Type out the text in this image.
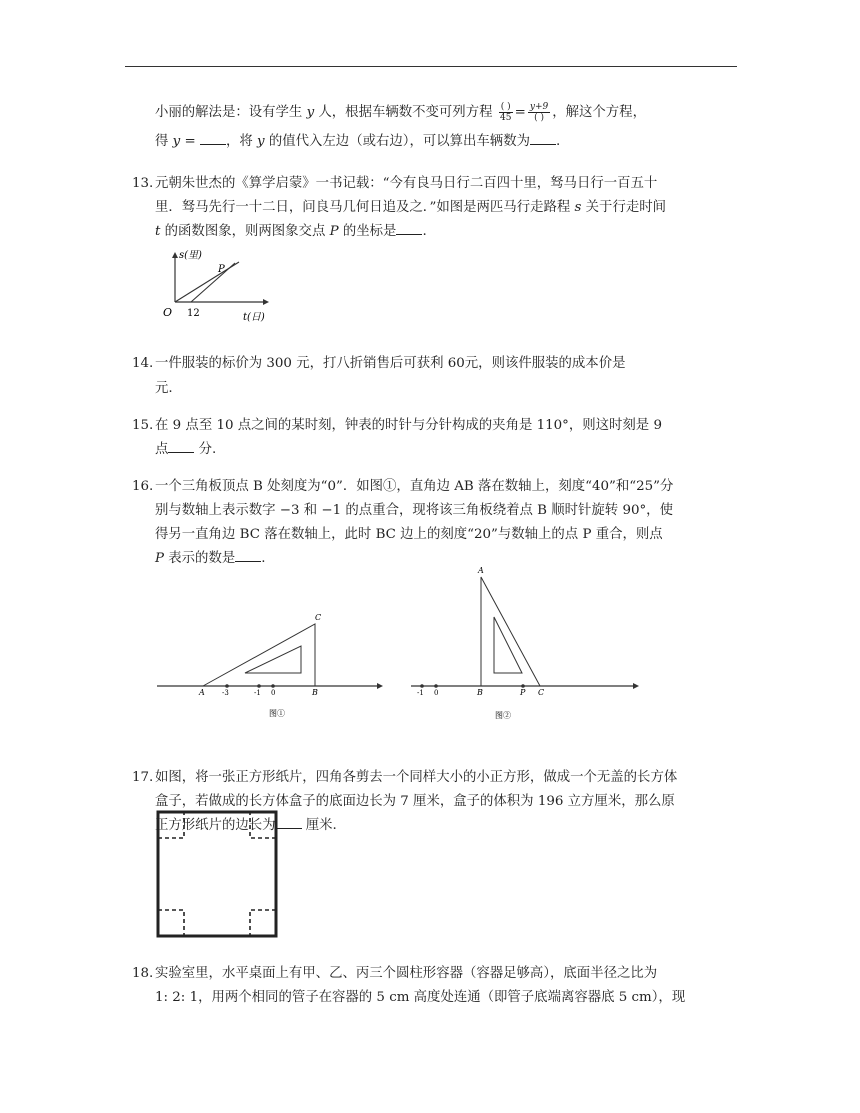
小丽的解法是：设有学生 y 人，根据车辆数不变可列方程 $\frac{( )}{45} = \frac{y+9}{( )}$ ，解这个方程，
得 y = ，将 y 的值代入左边（或右边），可以算出车辆数为 .
13. 元朝朱世杰的《算学启蒙》一书记载：“今有良马日行二百四十里，驽马日行一百五十
里．驽马先行一十二日，问良马几何日追及之．”如图是两匹马行走路程 s 关于行走时间
t 的函数图象，则两图象交点 P 的坐标是 .
s(里)
t(日)
O 12
P
14. 一件服装的标价为 300 元，打八折销售后可获利 60元，则该件服装的成本价是
元.
15. 在 9 点至 10 点之间的某时刻，钟表的时针与分针构成的夹角是 110°，则这时刻是 9
点 分.
16. 一个三角板顶点 B 处刻度为“0”．如图①，直角边 AB 落在数轴上，刻度“40”和“25”分
别与数轴上表示数字 −3 和 −1 的点重合，现将该三角板绕着点 B 顺时针旋转 90°，使
得另一直角边 BC 落在数轴上，此时 BC 边上的刻度“20”与数轴上的点 P 重合，则点
P 表示的数是 .
A -3	-1 0	B
C
图①
A
-1 0	B	P C
图②
17. 如图，将一张正方形纸片，四角各剪去一个同样大小的小正方形，做成一个无盖的长方体
盒子，若做成的长方体盒子的底面边长为 7 厘米，盒子的体积为 196 立方厘米，那么原
正方形纸片的边长为 厘米.
18. 实验室里，水平桌面上有甲、乙、丙三个圆柱形容器（容器足够高），底面半径之比为
1: 2: 1，用两个相同的管子在容器的 5 cm 高度处连通（即管子底端离容器底 5 cm），现
